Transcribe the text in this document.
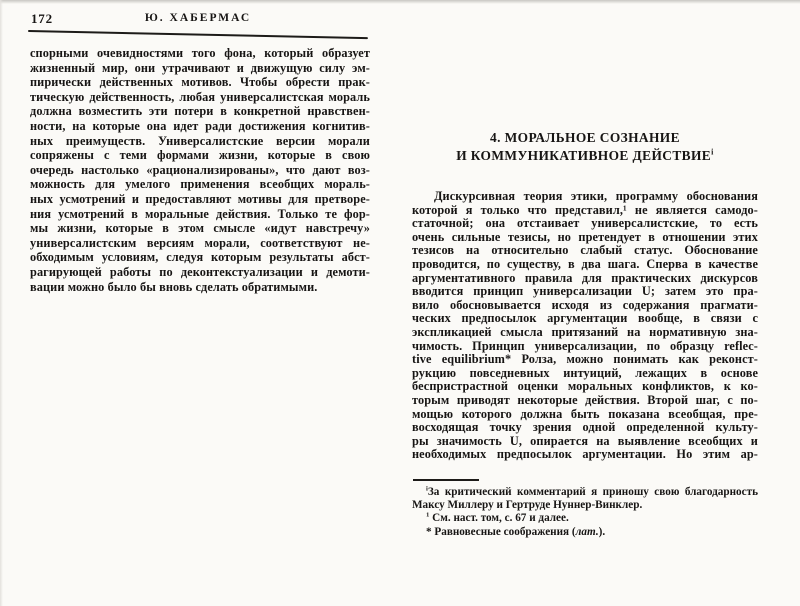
172	Ю. ХАБЕРМАС
спорными очевидностями того фона, который образует
жизненный мир, они утрачивают и движущую силу эм-
пирически действенных мотивов. Чтобы обрести прак-
тическую действенность, любая универсалистская мораль
должна возместить эти потери в конкретной нравствен-
ности, на которые она идет ради достижения когнитив-
ных преимуществ. Универсалистские версии морали
сопряжены с теми формами жизни, которые в свою
очередь настолько «рационализированы», что дают воз-
можность для умелого применения всеобщих мораль-
ных усмотрений и предоставляют мотивы для претворе-
ния усмотрений в моральные действия. Только те фор-
мы жизни, которые в этом смысле «идут навстречу»
универсалистским версиям морали, соответствуют не-
обходимым условиям, следуя которым результаты абст-
рагирующей работы по деконтекстуализации и демоти-
вации можно было бы вновь сделать обратимыми.
4. МОРАЛЬНОЕ СОЗНАНИЕ
И КОММУНИКАТИВНОЕ ДЕЙСТВИЕ$^i$
Дискурсивная теория этики, программу обоснования
которой я только что представил,¹ не является самодо-
статочной; она отстаивает универсалистские, то есть
очень сильные тезисы, но претендует в отношении этих
тезисов на относительно слабый статус. Обоснование
проводится, по существу, в два шага. Сперва в качестве
аргументативного правила для практических дискурсов
вводится принцип универсализации U; затем это пра-
вило обосновывается исходя из содержания прагмати-
ческих предпосылок аргументации вообще, в связи с
экспликацией смысла притязаний на нормативную зна-
чимость. Принцип универсализации, по образцу reflec-
tive equilibrium* Ролза, можно понимать как реконст-
рукцию повседневных интуиций, лежащих в основе
беспристрастной оценки моральных конфликтов, к ко-
торым приводят некоторые действия. Второй шаг, с по-
мощью которого должна быть показана всеобщая, пре-
восходящая точку зрения одной определенной культу-
ры значимость U, опирается на выявление всеобщих и
необходимых предпосылок аргументации. Но этим ар-
$^i$За критический комментарий я приношу свою благодарность
Максу Миллеру и Гертруде Нуннер-Винклер.
$^1$ См. наст. том, с. 67 и далее.
* Равновесные соображения (лат.).
